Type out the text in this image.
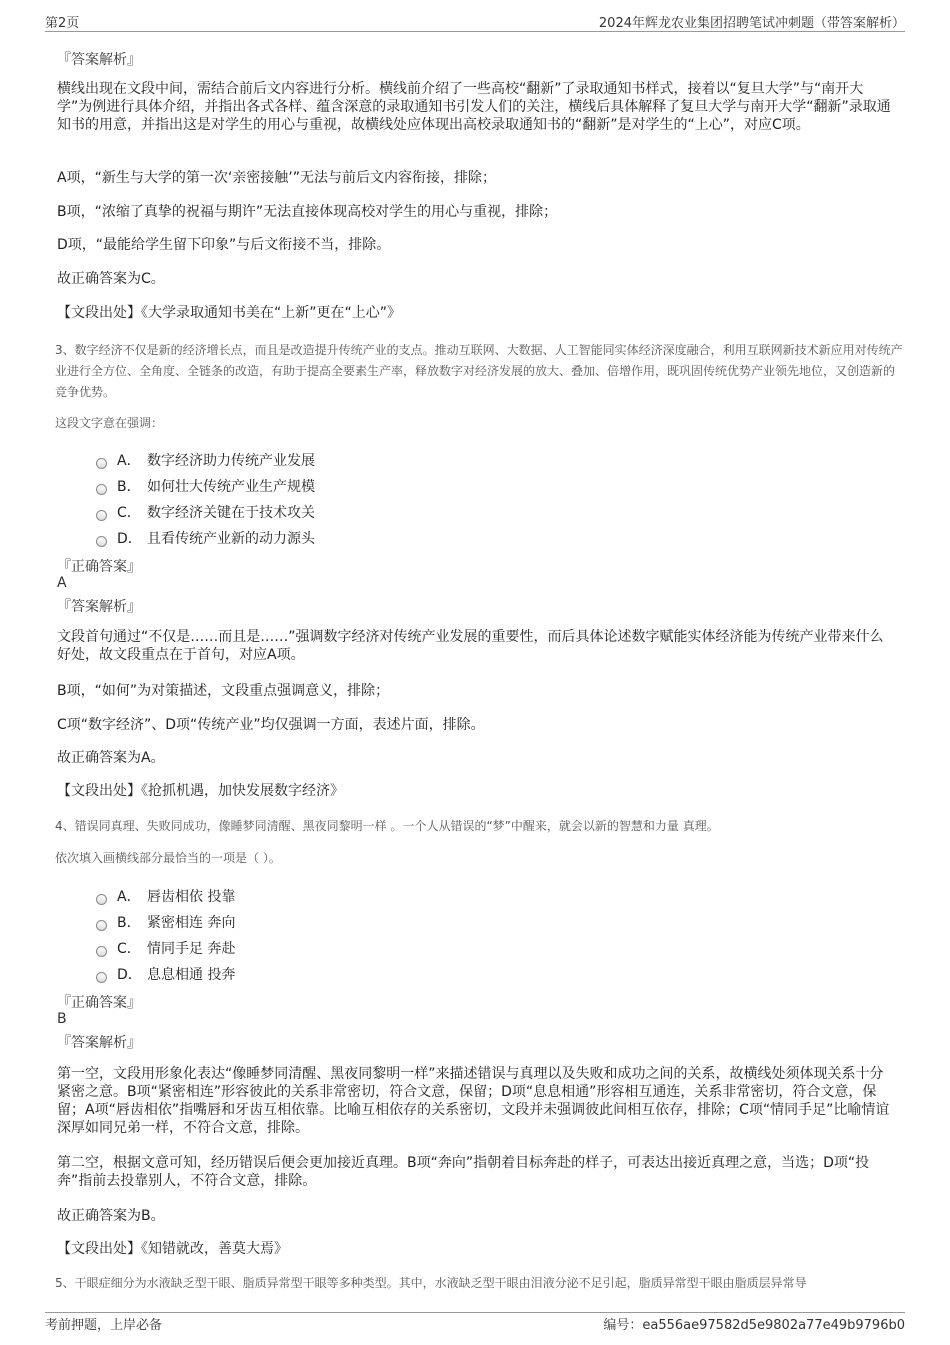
第2页	2024年辉龙农业集团招聘笔试冲刺题（带答案解析）
『答案解析』
横线出现在文段中间，需结合前后文内容进行分析。横线前介绍了一些高校“翻新”了录取通知书样式，接着以“复旦大学”与“南开大学”为例进行具体介绍，并指出各式各样、蕴含深意的录取通知书引发人们的关注，横线后具体解释了复旦大学与南开大学“翻新”录取通知书的用意，并指出这是对学生的用心与重视，故横线处应体现出高校录取通知书的“翻新”是对学生的“上心”，对应C项。
A项，“新生与大学的第一次‘亲密接触’”无法与前后文内容衔接，排除；
B项，“浓缩了真挚的祝福与期许”无法直接体现高校对学生的用心与重视，排除；
D项，“最能给学生留下印象”与后文衔接不当，排除。
故正确答案为C。
【文段出处】《大学录取通知书美在“上新”更在“上心”》
3、数字经济不仅是新的经济增长点，而且是改造提升传统产业的支点。推动互联网、大数据、人工智能同实体经济深度融合，利用互联网新技术新应用对传统产业进行全方位、全角度、全链条的改造，有助于提高全要素生产率，释放数字对经济发展的放大、叠加、倍增作用，既巩固传统优势产业领先地位，又创造新的竞争优势。
这段文字意在强调：
A． 数字经济助力传统产业发展
B． 如何壮大传统产业生产规模
C． 数字经济关键在于技术攻关
D． 且看传统产业新的动力源头
『正确答案』
A
『答案解析』
文段首句通过“不仅是……而且是……”强调数字经济对传统产业发展的重要性，而后具体论述数字赋能实体经济能为传统产业带来什么好处，故文段重点在于首句，对应A项。
B项，“如何”为对策描述，文段重点强调意义，排除；
C项“数字经济”、D项“传统产业”均仅强调一方面，表述片面，排除。
故正确答案为A。
【文段出处】《抢抓机遇，加快发展数字经济》
4、错误同真理、失败同成功，像睡梦同清醒、黑夜同黎明一样 。一个人从错误的“梦”中醒来，就会以新的智慧和力量 真理。
依次填入画横线部分最恰当的一项是（ ）。
A． 唇齿相依 投靠
B． 紧密相连 奔向
C． 情同手足 奔赴
D． 息息相通 投奔
『正确答案』
B
『答案解析』
第一空，文段用形象化表达“像睡梦同清醒、黑夜同黎明一样”来描述错误与真理以及失败和成功之间的关系，故横线处须体现关系十分紧密之意。B项“紧密相连”形容彼此的关系非常密切，符合文意，保留；D项“息息相通”形容相互通连，关系非常密切，符合文意，保留；A项“唇齿相依”指嘴唇和牙齿互相依靠。比喻互相依存的关系密切，文段并未强调彼此间相互依存，排除；C项“情同手足”比喻情谊深厚如同兄弟一样，不符合文意，排除。
第二空，根据文意可知，经历错误后便会更加接近真理。B项“奔向”指朝着目标奔赴的样子，可表达出接近真理之意，当选；D项“投奔”指前去投靠别人，不符合文意，排除。
故正确答案为B。
【文段出处】《知错就改，善莫大焉》
5、干眼症细分为水液缺乏型干眼、脂质异常型干眼等多种类型。其中，水液缺乏型干眼由泪液分泌不足引起，脂质异常型干眼由脂质层异常导
考前押题，上岸必备	编号：ea556ae97582d5e9802a77e49b9796b0
